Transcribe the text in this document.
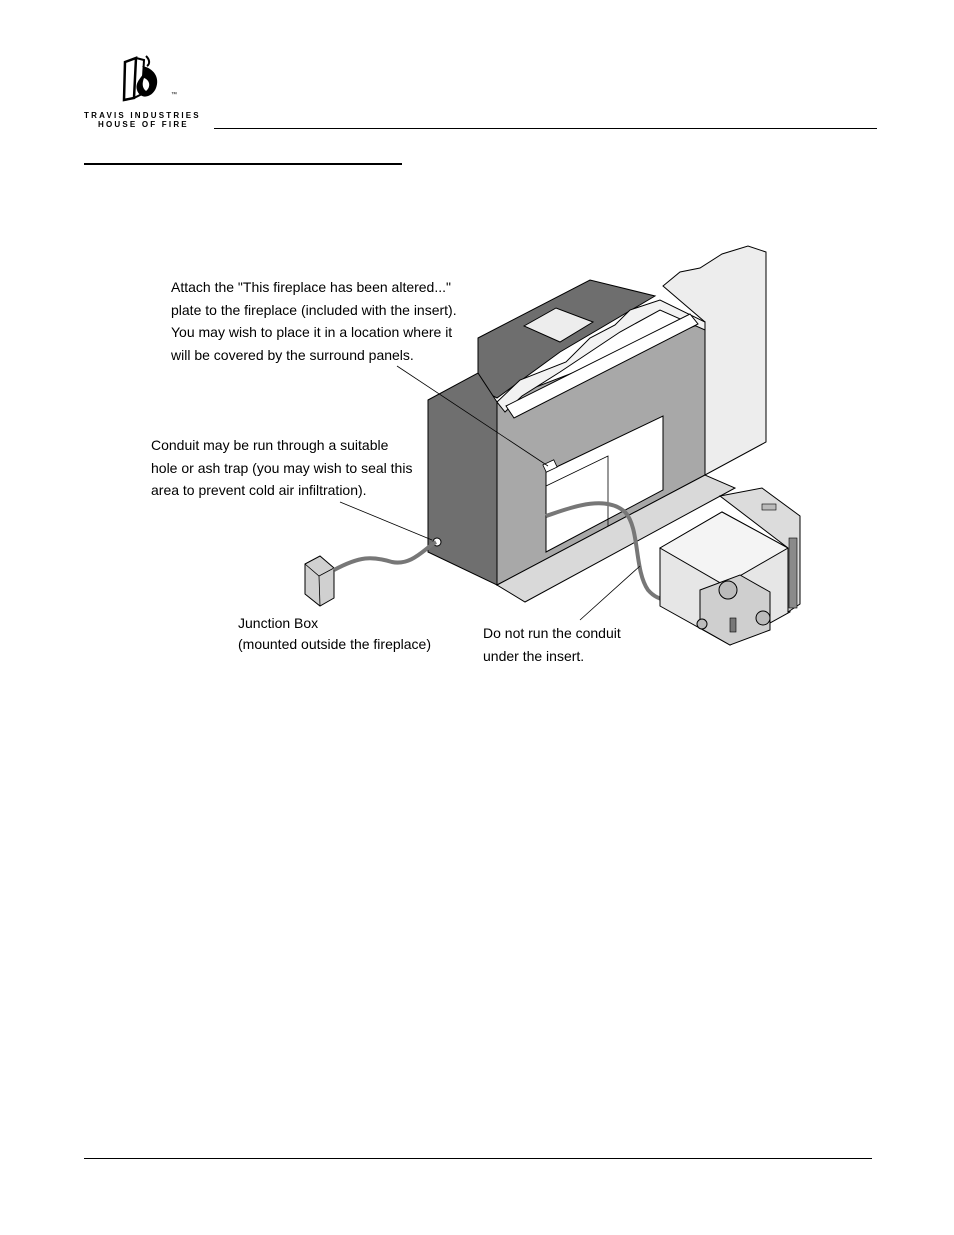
™
TRAVIS INDUSTRIES
HOUSE OF FIRE
Attach the "This fireplace has been altered..."
plate to the fireplace (included with the insert).
You may wish to place it in a location where it
will be covered by the surround panels.
Conduit may be run through a suitable
hole or ash trap (you may wish to seal this
area to prevent cold air infiltration).
Junction Box
(mounted outside the fireplace)
Do not run the conduit
under the insert.
